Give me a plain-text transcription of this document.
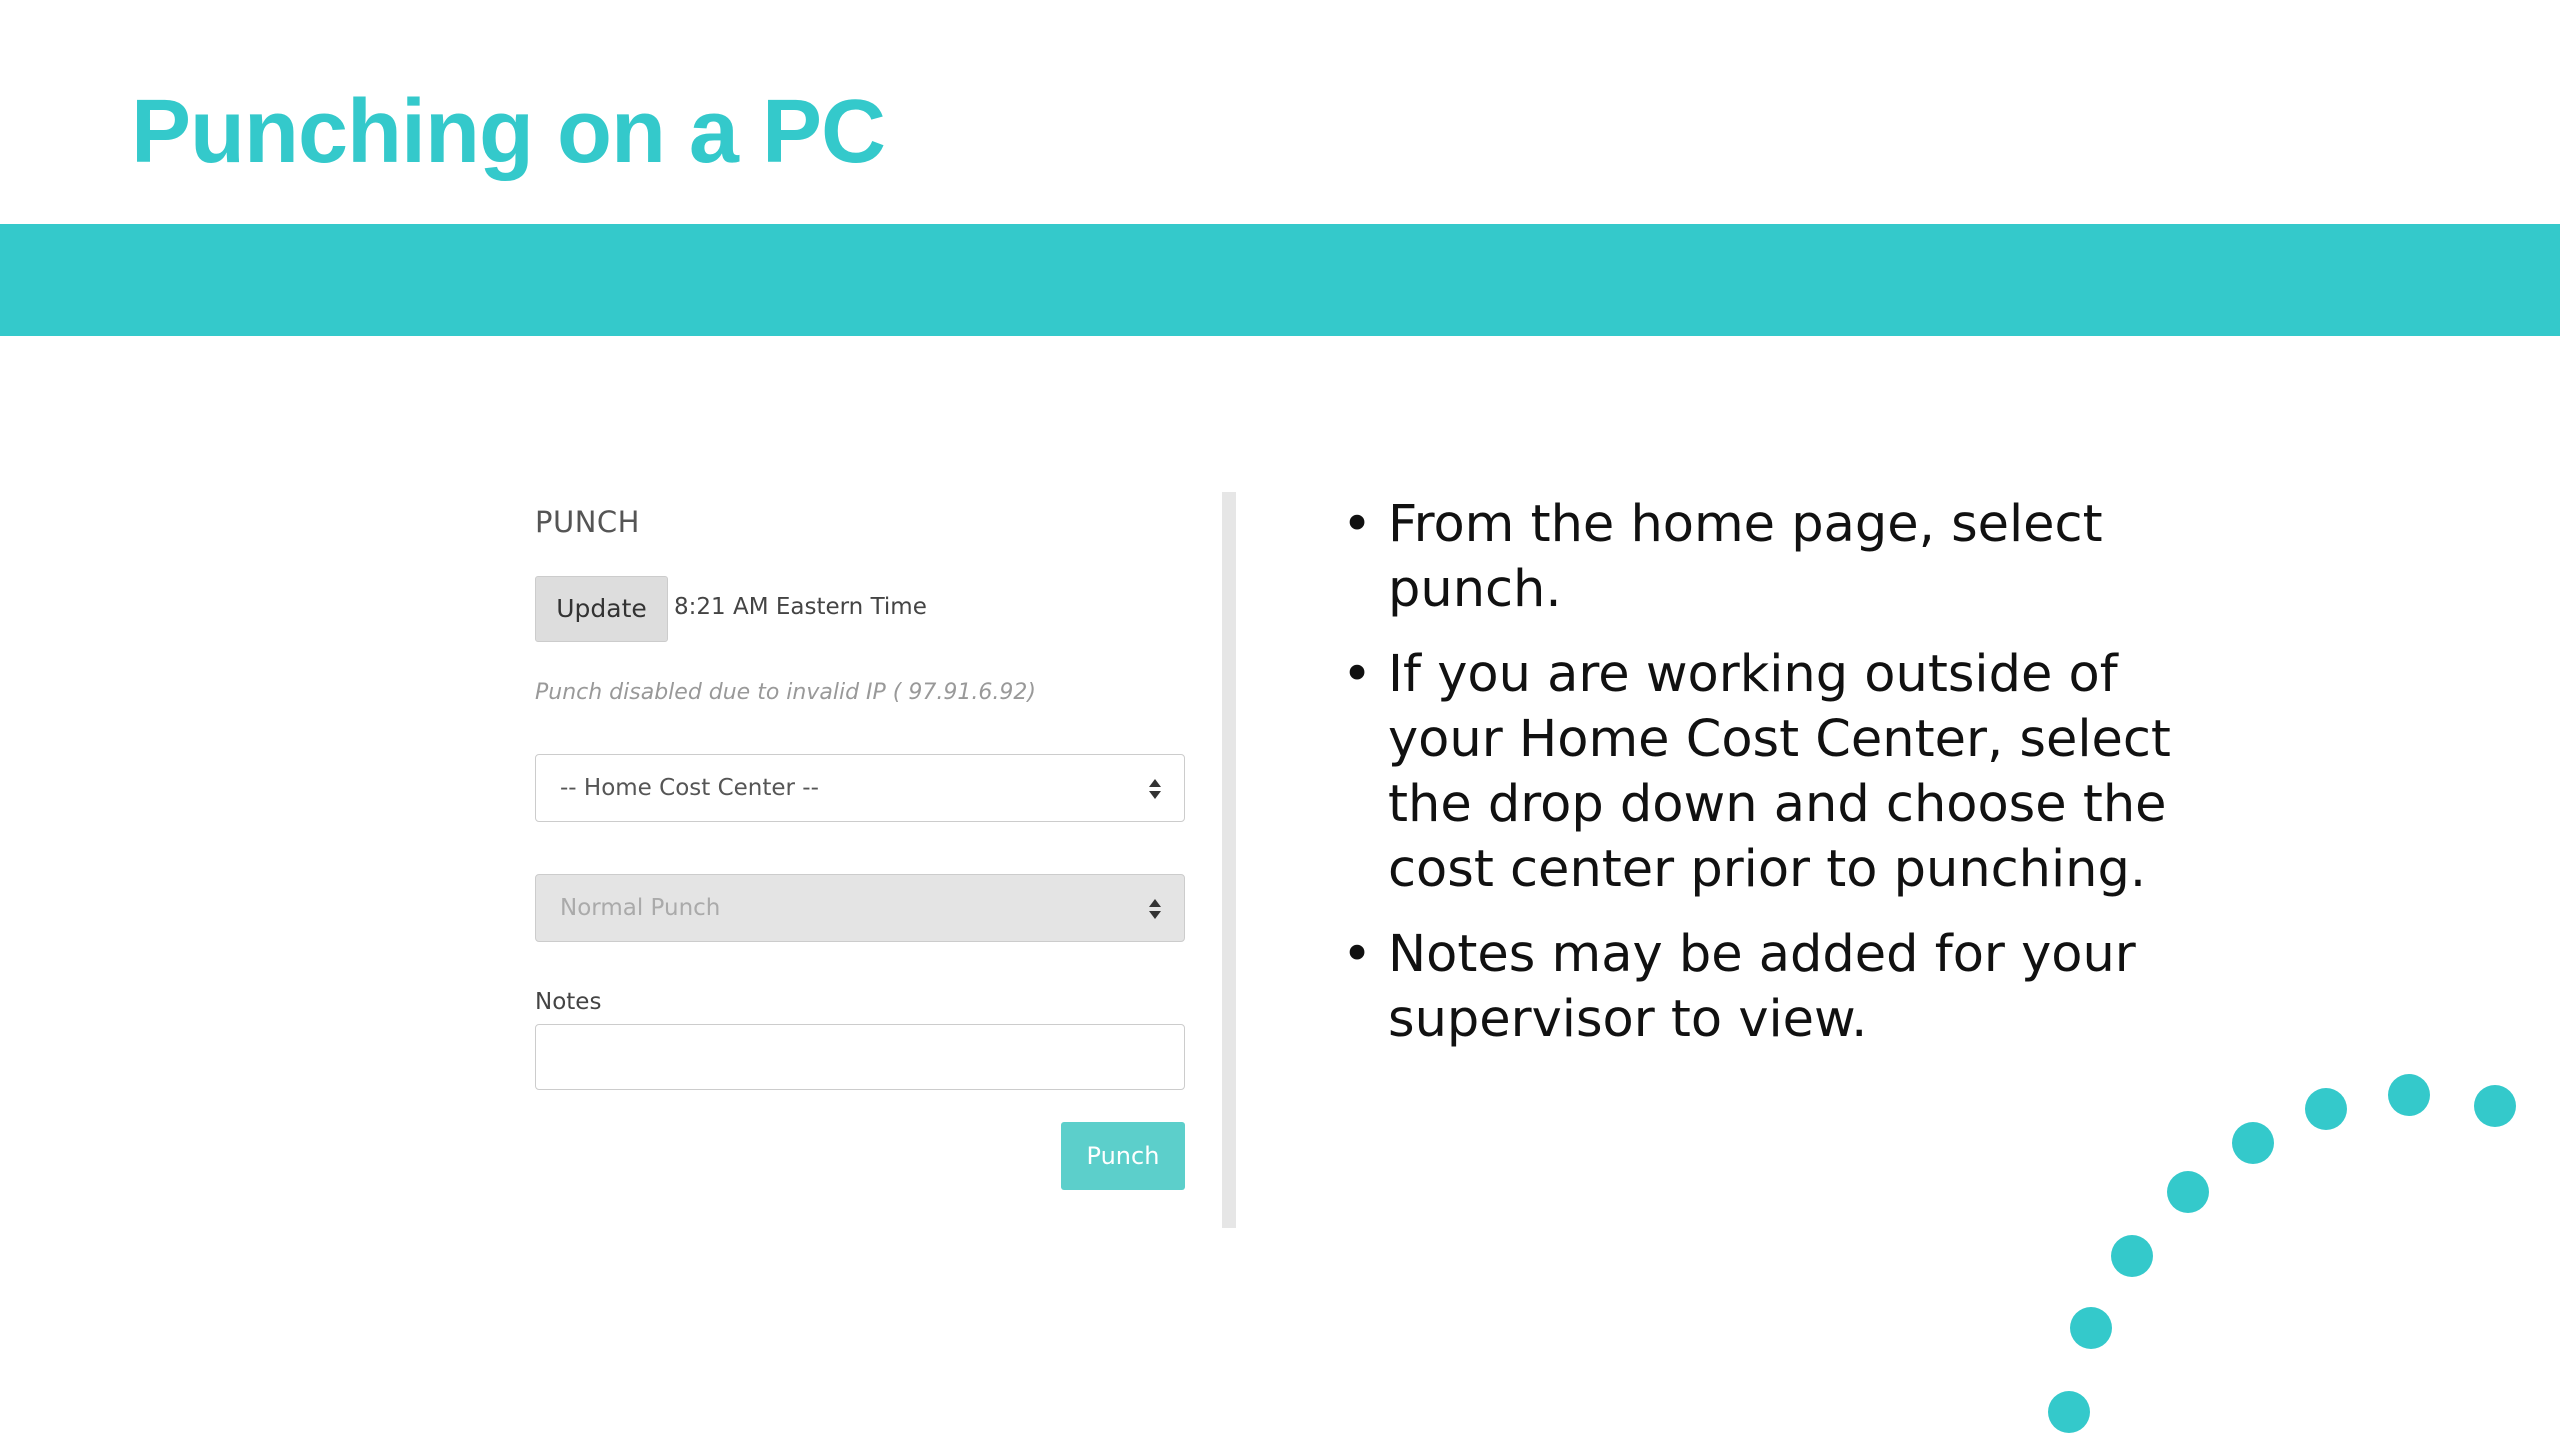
Punching on a PC
PUNCH
Update	8:21 AM Eastern Time
Punch disabled due to invalid IP ( 97.91.6.92)
-- Home Cost Center --
Normal Punch
Notes
Punch
• From the home page, select punch.
• If you are working outside of your Home Cost Center, select the drop down and choose the cost center prior to punching.
• Notes may be added for your supervisor to view.
